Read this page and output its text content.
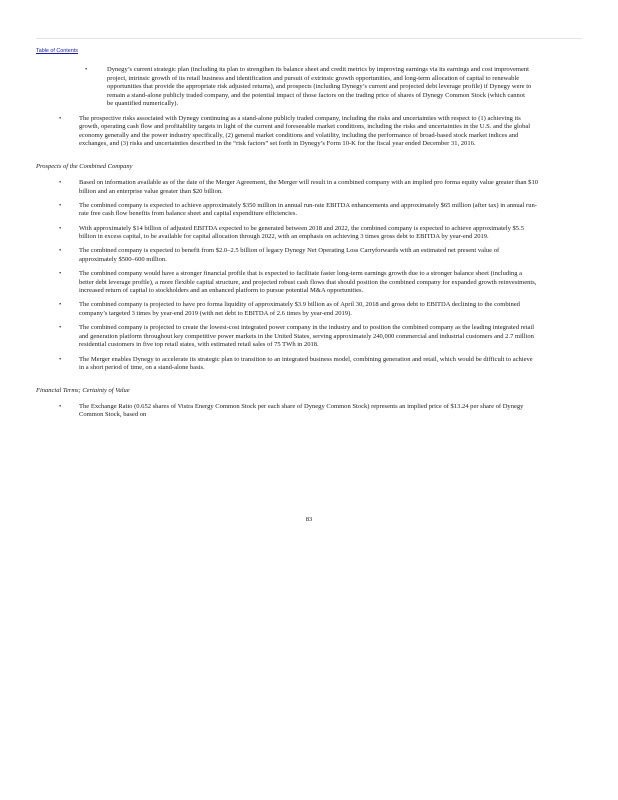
Table of Contents
•	Dynegy’s current strategic plan (including its plan to strengthen its balance sheet and credit metrics by improving earnings via its earnings and cost improvement project, intrinsic growth of its retail business and identification and pursuit of extrinsic growth opportunities, and long-term allocation of capital to renewable opportunities that provide the appropriate risk adjusted returns), and prospects (including Dynegy’s current and projected debt leverage profile) if Dynegy were to remain a stand-alone publicly traded company, and the potential impact of those factors on the trading price of shares of Dynegy Common Stock (which cannot be quantified numerically).
•	The prospective risks associated with Dynegy continuing as a stand-alone publicly traded company, including the risks and uncertainties with respect to (1) achieving its growth, operating cash flow and profitability targets in light of the current and foreseeable market conditions, including the risks and uncertainties in the U.S. and the global economy generally and the power industry specifically, (2) general market conditions and volatility, including the performance of broad-based stock market indices and exchanges, and (3) risks and uncertainties described in the “risk factors” set forth in Dynegy’s Form 10-K for the fiscal year ended December 31, 2016.
Prospects of the Combined Company
•	Based on information available as of the date of the Merger Agreement, the Merger will result in a combined company with an implied pro forma equity value greater than $10 billion and an enterprise value greater than $20 billion.
•	The combined company is expected to achieve approximately $350 million in annual run-rate EBITDA enhancements and approximately $65 million (after tax) in annual run-rate free cash flow benefits from balance sheet and capital expenditure efficiencies.
•	With approximately $14 billion of adjusted EBITDA expected to be generated between 2018 and 2022, the combined company is expected to achieve approximately $5.5 billion in excess capital, to be available for capital allocation through 2022, with an emphasis on achieving 3 times gross debt to EBITDA by year-end 2019.
•	The combined company is expected to benefit from $2.0–2.5 billion of legacy Dynegy Net Operating Loss Carryforwards with an estimated net present value of approximately $500–600 million.
•	The combined company would have a stronger financial profile that is expected to facilitate faster long-term earnings growth due to a stronger balance sheet (including a better debt leverage profile), a more flexible capital structure, and projected robust cash flows that should position the combined company for expanded growth reinvestments, increased return of capital to stockholders and an enhanced platform to pursue potential M&A opportunities.
•	The combined company is projected to have pro forma liquidity of approximately $3.9 billion as of April 30, 2018 and gross debt to EBITDA declining to the combined company’s targeted 3 times by year-end 2019 (with net debt to EBITDA of 2.6 times by year-end 2019).
•	The combined company is projected to create the lowest-cost integrated power company in the industry and to position the combined company as the leading integrated retail and generation platform throughout key competitive power markets in the United States, serving approximately 240,000 commercial and industrial customers and 2.7 million residential customers in five top retail states, with estimated retail sales of 75 TWh in 2018.
•	The Merger enables Dynegy to accelerate its strategic plan to transition to an integrated business model, combining generation and retail, which would be difficult to achieve in a short period of time, on a stand-alone basis.
Financial Terms; Certainty of Value
•	The Exchange Ratio (0.652 shares of Vistra Energy Common Stock per each share of Dynegy Common Stock) represents an implied price of $13.24 per share of Dynegy Common Stock, based on
83
